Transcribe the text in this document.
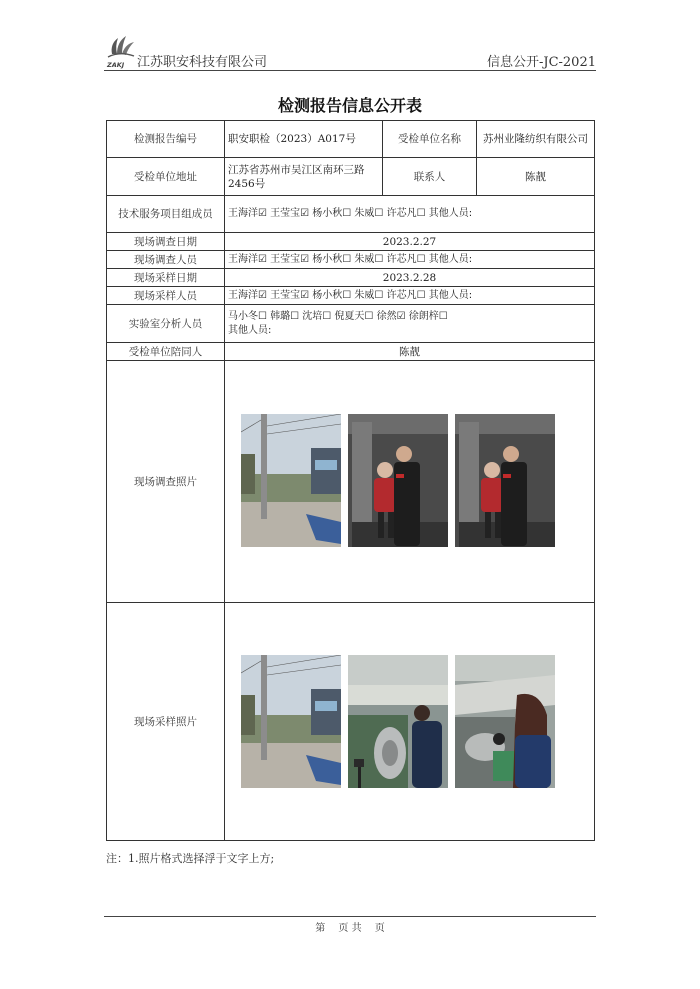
ZAKJ 江苏职安科技有限公司	信息公开-JC-2021
检测报告信息公开表
检测报告编号	职安职检（2023）A017号	受检单位名称	苏州业隆纺织有限公司
受检单位地址	江苏省苏州市吴江区南环三路2456号	联系人	陈靓
技术服务项目组成员	王海洋☑ 王莹宝☑ 杨小秋☐ 朱威☐ 许芯凡☐ 其他人员:		
现场调查日期	2023.2.27		
现场调查人员	王海洋☑ 王莹宝☑ 杨小秋☐ 朱威☐ 许芯凡☐ 其他人员:		
现场采样日期	2023.2.28		
现场采样人员	王海洋☑ 王莹宝☑ 杨小秋☐ 朱威☐ 许芯凡☐ 其他人员:		
实验室分析人员	马小冬☐ 韩璐☐ 沈培☐ 倪夏天☐ 徐然☑ 徐朗梓☐
其他人员:		

受检单位陪同人	陈靓		
现场调查照片	

现场采样照片	
注：1.照片格式选择浮于文字上方;
第　 页 共 　页
